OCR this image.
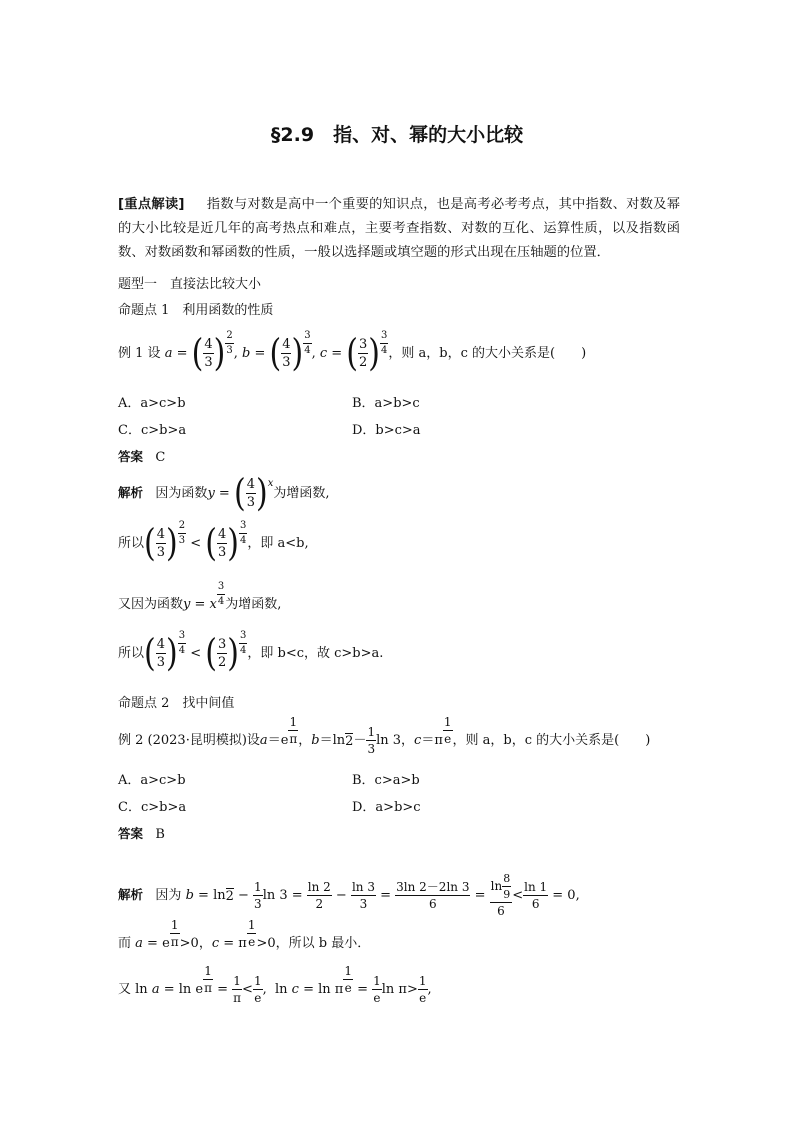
§2.9　指、对、幂的大小比较
[重点解读] 指数与对数是高中一个重要的知识点，也是高考必考考点，其中指数、对数及幂的大小比较是近几年的高考热点和难点，主要考查指数、对数的互化、运算性质，以及指数函数、对数函数和幂函数的性质，一般以选择题或填空题的形式出现在压轴题的位置．
题型一　直接法比较大小
命题点 1　利用函数的性质
例 1
设 a = ( $\frac{4}{3}$ ) $\frac{2}{3}$ , b = ( $\frac{4}{3}$ ) $\frac{3}{4}$ , c = ( $\frac{3}{2}$ ) $\frac{3}{4}$ ，则 a，b，c 的大小关系是(　　)
A．a>c>b	B．a>b>c
C．c>b>a	D．b>c>a
答案 C
解析
因为函数 y = ( $\frac{4}{3}$ ) x
为增函数,
所以 ( $\frac{4}{3}$ ) $\frac{2}{3}$ < ( $\frac{4}{3}$ ) $\frac{3}{4}$ ，即 a<b,
又因为函数 y = x $\frac{3}{4}$ 为增函数,
所以 ( $\frac{4}{3}$ ) $\frac{3}{4}$ < ( $\frac{3}{2}$ ) $\frac{3}{4}$ ，即 b<c，故 c>b>a.
命题点 2　找中间值
例 2
(2023·昆明模拟)设 $a =e \frac{1}{\pi}$ ， b ＝ln $2 - \frac{1}{3}$ ln 3， $c =\pi \frac{1}{e}$ ，则 a，b，c 的大小关系是(　　)
A．a>c>b	B．c>a>b
C．c>b>a	D．a>b>c
答案 B
解析
因为
$b = \ln 2 - \frac{1}{3}$ $\ln 3 = \frac{\ln 2}{2} - \frac{\ln 3}{3} = \frac{3\ln 2-2\ln 3}{6} = \frac{\ln \frac{8}{9}}{6} < \frac{\ln 1}{6} = 0$,
而 a = e $\frac{1}{\pi} >0$， c = π $\frac{1}{e} >0$， 所以 b 最小．
又 ln a = ln e $\frac{1}{\pi} = \frac{1}{\pi} < \frac{1}{e}$ ,  ln c = ln π $\frac{1}{e} = \frac{1}{e}$ $\ln \pi> \frac{1}{e}$ ,
